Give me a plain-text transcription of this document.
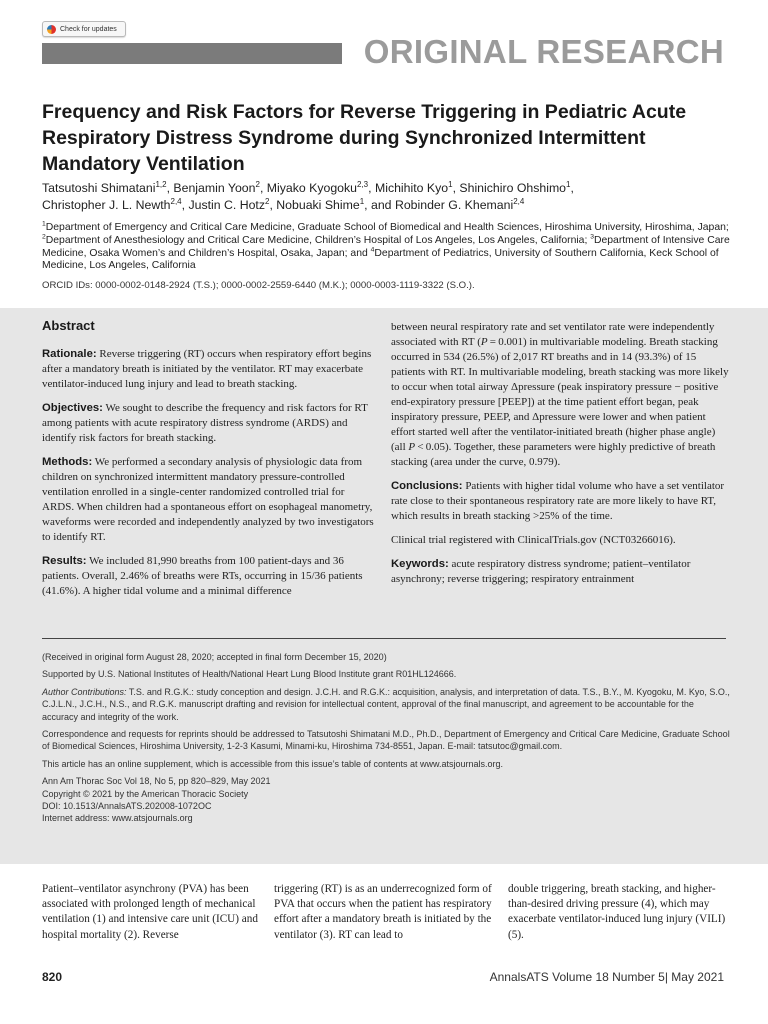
Check for updates
ORIGINAL RESEARCH
Frequency and Risk Factors for Reverse Triggering in Pediatric Acute Respiratory Distress Syndrome during Synchronized Intermittent Mandatory Ventilation
Tatsutoshi Shimatani$^{1,2}$, Benjamin Yoon$^2$, Miyako Kyogoku$^{2,3}$, Michihito Kyo$^1$, Shinichiro Ohshimo$^1$,
Christopher J. L. Newth$^{2,4}$, Justin C. Hotz$^2$, Nobuaki Shime$^1$, and Robinder G. Khemani$^{2,4}$
$^1$Department of Emergency and Critical Care Medicine, Graduate School of Biomedical and Health Sciences, Hiroshima University, Hiroshima, Japan; $^2$Department of Anesthesiology and Critical Care Medicine, Children’s Hospital of Los Angeles, Los Angeles, California; $^3$Department of Intensive Care Medicine, Osaka Women’s and Children’s Hospital, Osaka, Japan; and $^4$Department of Pediatrics, University of Southern California, Keck School of Medicine, Los Angeles, California
ORCID IDs: 0000-0002-0148-2924 (T.S.); 0000-0002-2559-6440 (M.K.); 0000-0003-1119-3322 (S.O.).
Abstract

Rationale: Reverse triggering (RT) occurs when respiratory effort begins after a mandatory breath is initiated by the ventilator. RT may exacerbate ventilator-induced lung injury and lead to breath stacking.

Objectives: We sought to describe the frequency and risk factors for RT among patients with acute respiratory distress syndrome (ARDS) and identify risk factors for breath stacking.

Methods: We performed a secondary analysis of physiologic data from children on synchronized intermittent mandatory pressure-controlled ventilation enrolled in a single-center randomized controlled trial for ARDS. When children had a spontaneous effort on esophageal manometry, waveforms were recorded and independently analyzed by two investigators to identify RT.

Results: We included 81,990 breaths from 100 patient-days and 36 patients. Overall, 2.46% of breaths were RTs, occurring in 15/36 patients (41.6%). A higher tidal volume and a minimal difference

between neural respiratory rate and set ventilator rate were independently associated with RT (P = 0.001) in multivariable modeling. Breath stacking occurred in 534 (26.5%) of 2,017 RT breaths and in 14 (93.3%) of 15 patients with RT. In multivariable modeling, breath stacking was more likely to occur when total airway Δpressure (peak inspiratory pressure − positive end-expiratory pressure [PEEP]) at the time patient effort began, peak inspiratory pressure, PEEP, and Δpressure were lower and when patient effort started well after the ventilator-initiated breath (higher phase angle) (all P < 0.05). Together, these parameters were highly predictive of breath stacking (area under the curve, 0.979).

Conclusions: Patients with higher tidal volume who have a set ventilator rate close to their spontaneous respiratory rate are more likely to have RT, which results in breath stacking >25% of the time.

Clinical trial registered with ClinicalTrials.gov (NCT03266016).

Keywords: acute respiratory distress syndrome; patient–ventilator asynchrony; reverse triggering; respiratory entrainment

(Received in original form August 28, 2020; accepted in final form December 15, 2020)

Supported by U.S. National Institutes of Health/National Heart Lung Blood Institute grant R01HL124666.

Author Contributions: T.S. and R.G.K.: study conception and design. J.C.H. and R.G.K.: acquisition, analysis, and interpretation of data. T.S., B.Y., M. Kyogoku, M. Kyo, S.O., C.J.L.N., J.C.H., N.S., and R.G.K. manuscript drafting and revision for intellectual content, approval of the final manuscript, and agreement to be accountable for the accuracy and integrity of the work.

Correspondence and requests for reprints should be addressed to Tatsutoshi Shimatani M.D., Ph.D., Department of Emergency and Critical Care Medicine, Graduate School of Biomedical Sciences, Hiroshima University, 1-2-3 Kasumi, Minami-ku, Hiroshima 734-8551, Japan. E-mail: tatsutoc@gmail.com.

This article has an online supplement, which is accessible from this issue’s table of contents at www.atsjournals.org.

Ann Am Thorac Soc Vol 18, No 5, pp 820–829, May 2021

Copyright © 2021 by the American Thoracic Society

DOI: 10.1513/AnnalsATS.202008-1072OC

Internet address: www.atsjournals.org

Patient–ventilator asynchrony (PVA) has been associated with prolonged length of mechanical ventilation (1) and intensive care unit (ICU) and hospital mortality (2). Reverse
triggering (RT) is as an underrecognized form of PVA that occurs when the patient has respiratory effort after a mandatory breath is initiated by the ventilator (3). RT can lead to
double triggering, breath stacking, and higher-than-desired driving pressure (4), which may exacerbate ventilator-induced lung injury (VILI) (5).
820	AnnalsATS Volume 18 Number 5| May 2021
